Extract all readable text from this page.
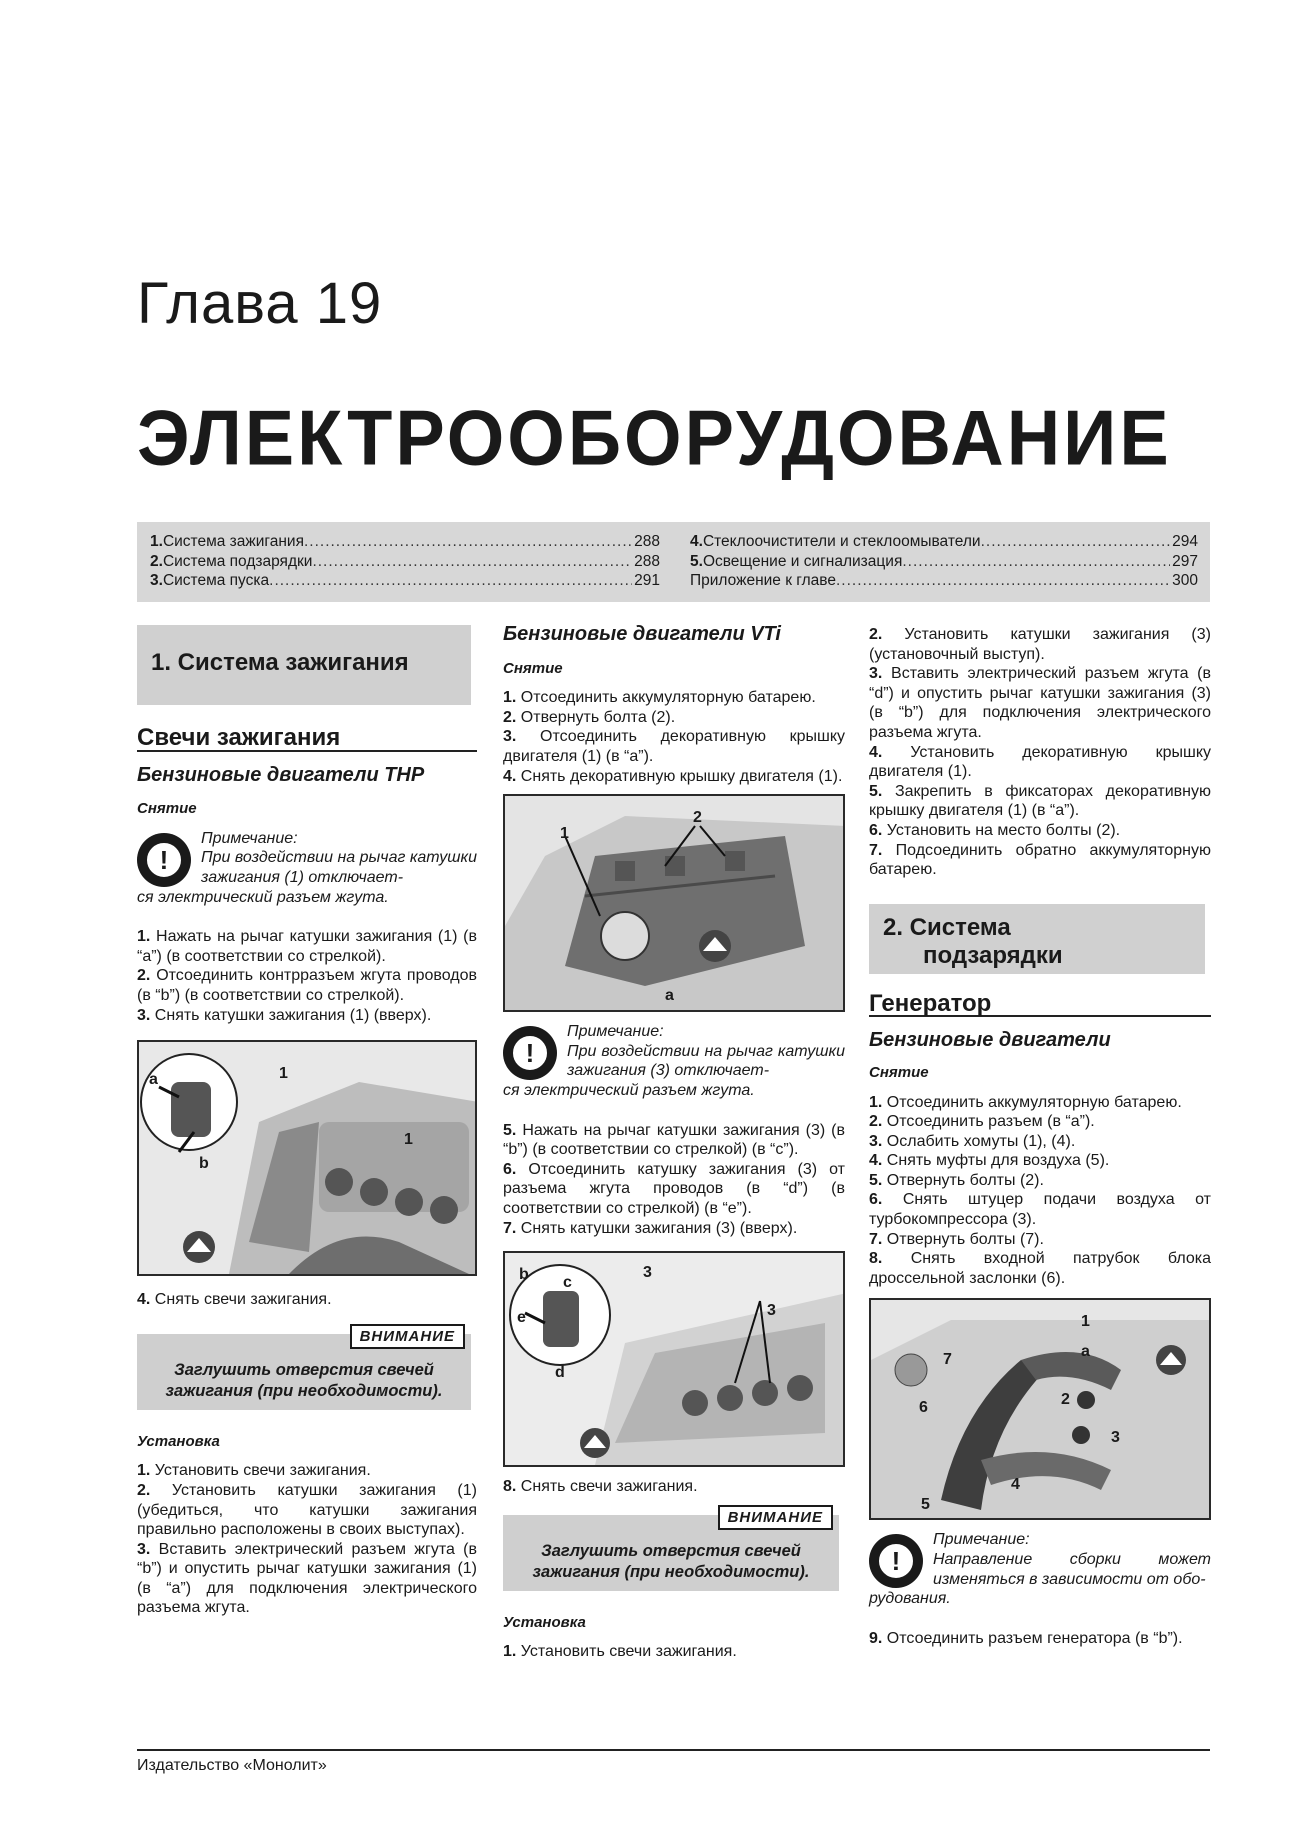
Глава 19
ЭЛЕКТРООБОРУДОВАНИЕ
1. Система зажигания .....	288
2. Система подзарядки .....	288
3. Система пуска .....	291
4. Стеклоочистители и стеклоомыватели .....	294
5. Освещение и сигнализация .....	297
Приложение к главе .....	300
1. Система зажигания
Свечи зажигания
Бензиновые двигатели THP
Снятие
!
Примечание:
При воздействии на рычаг катушки зажигания (1) отключает-
ся электрический разъем жгута.

1. Нажать на рычаг катушки зажигания (1) (в “a”) (в соответствии со стрелкой).

2. Отсоединить контрразъем жгута проводов (в “b”) (в соответствии со стрелкой).

3. Снять катушки зажигания (1) (вверх).

a	1
b
1

4. Снять свечи зажигания.

ВНИМАНИЕ
Заглушить отверстия свечей зажигания (при необходимости).
Установка

1. Установить свечи зажигания.

2. Установить катушки зажигания (1) (убедиться, что катушки зажигания правильно расположены в своих выступах).

3. Вставить электрический разъем жгута (в “b”) и опустить рычаг катушки зажигания (1) (в “a”) для подключения электрического разъема жгута.

Бензиновые двигатели VTi
Снятие

1. Отсоединить аккумуляторную батарею.

2. Отвернуть болта (2).

3. Отсоединить декоративную крышку двигателя (1) (в “a”).

4. Снять декоративную крышку двигателя (1).

1
2
a
!
Примечание:
При воздействии на рычаг катушки зажигания (3) отключает-
ся электрический разъем жгута.

5. Нажать на рычаг катушки зажигания (3) (в “b”) (в соответствии со стрелкой) (в “c”).

6. Отсоединить катушку зажигания (3) от разъема жгута проводов (в “d”) (в соответствии со стрелкой) (в “e”).

7. Снять катушки зажигания (3) (вверх).

b c
3
e
d
3

8. Снять свечи зажигания.

ВНИМАНИЕ
Заглушить отверстия свечей зажигания (при необходимости).
Установка

1. Установить свечи зажигания.

2. Установить катушки зажигания (3) (установочный выступ).

3. Вставить электрический разъем жгута (в “d”) и опустить рычаг катушки зажигания (3) (в “b”) для подключения электрического разъема жгута.

4. Установить декоративную крышку двигателя (1).

5. Закрепить в фиксаторах декоративную крышку двигателя (1) (в “a”).

6. Установить на место болты (2).

7. Подсоединить обратно аккумуляторную батарею.

2. Система
подзарядки
Генератор
Бензиновые двигатели
Снятие

1. Отсоединить аккумуляторную батарею.

2. Отсоединить разъем (в “a”).

3. Ослабить хомуты (1), (4).

4. Снять муфты для воздуха (5).

5. Отвернуть болты (2).

6. Снять штуцер подачи воздуха от турбокомпрессора (3).

7. Отвернуть болты (7).

8. Снять входной патрубок блока дроссельной заслонки (6).

1
a
7
6	2
3
4
5
!
Примечание:
Направление сборки может изменяться в зависимости от обо-
рудования.

9. Отсоединить разъем генератора (в “b”).

Издательство «Монолит»
